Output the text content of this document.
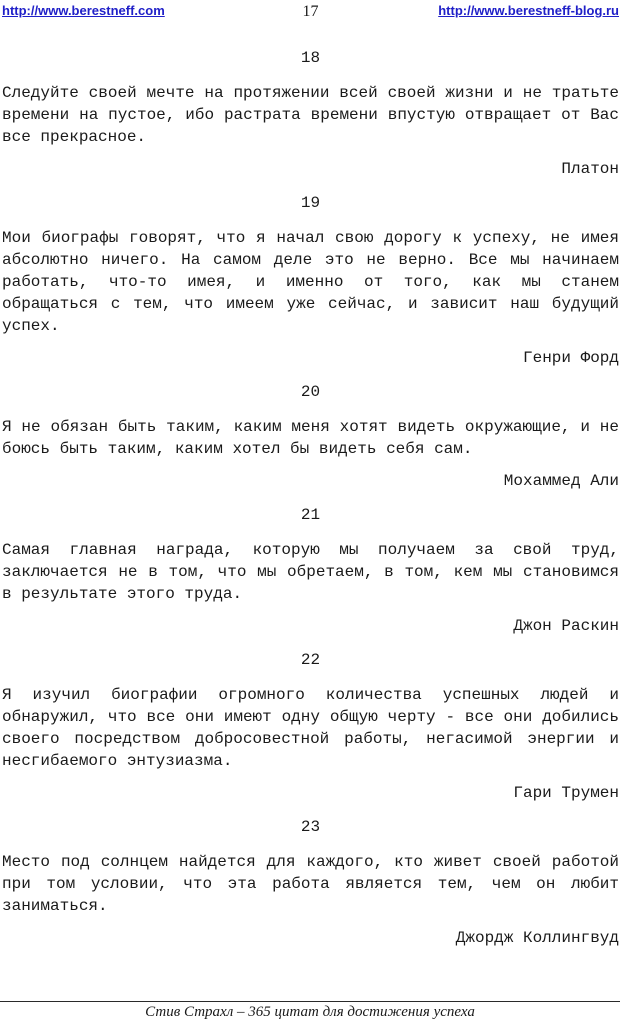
http://www.berestneff.com	17	http://www.berestneff-blog.ru
18

Следуйте своей мечте на протяжении всей своей жизни и не тратьте времени на пустое, ибо растрата времени впустую отвращает от Вас все прекрасное.

Платон
19

Мои биографы говорят, что я начал свою дорогу к успеху, не имея абсолютно ничего. На самом деле это не верно. Все мы начинаем работать, что-то имея, и именно от того, как мы станем обращаться с тем, что имеем уже сейчас, и зависит наш будущий успех.

Генри Форд
20

Я не обязан быть таким, каким меня хотят видеть окружающие, и не боюсь быть таким, каким хотел бы видеть себя сам.

Мохаммед Али
21

Самая главная награда, которую мы получаем за свой труд, заключается не в том, что мы обретаем, в том, кем мы становимся в результате этого труда.

Джон Раскин
22

Я изучил биографии огромного количества успешных людей и обнаружил, что все они имеют одну общую черту - все они добились своего посредством добросовестной работы, негасимой энергии и несгибаемого энтузиазма.

Гари Трумен
23

Место под солнцем найдется для каждого, кто живет своей работой при том условии, что эта работа является тем, чем он любит заниматься.

Джордж Коллингвуд
Стив Страхл – 365 цитат для достижения успеха
